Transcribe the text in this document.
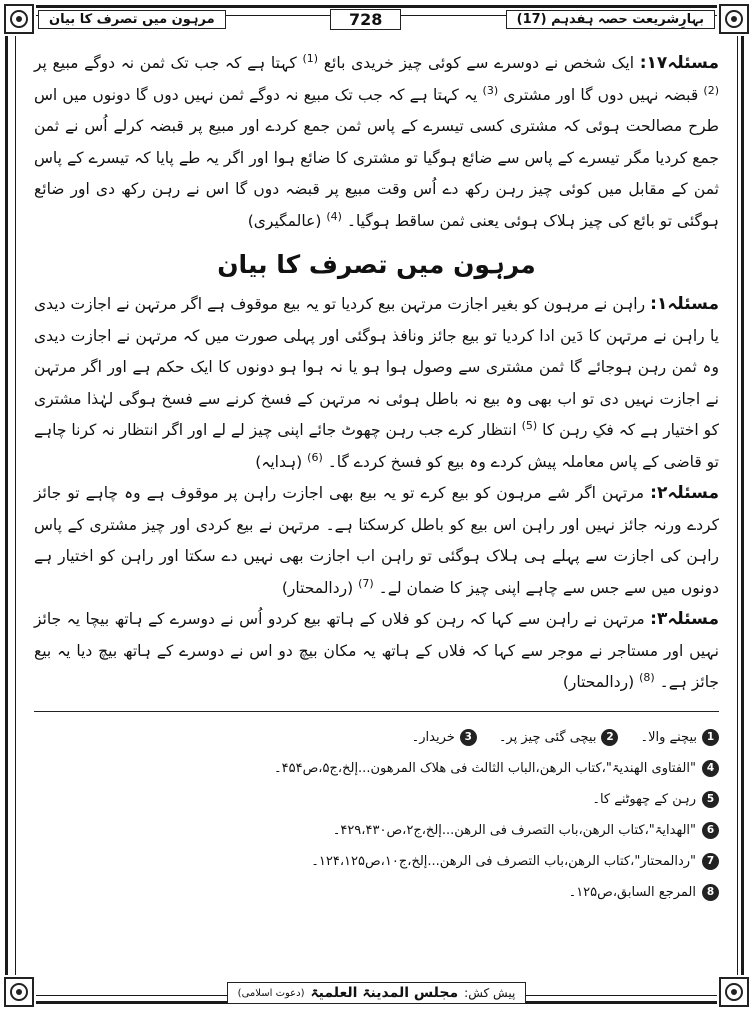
بہارِشریعت حصہ ہفدہم (17)
728
مرہون میں تصرف کا بیان

مسئلہ۱۷: ایک شخص نے دوسرے سے کوئی چیز خریدی بائع $^{(1)}$ کہتا ہے کہ جب تک ثمن نہ دوگے مبیع پر $^{(2)}$ قبضہ نہیں دوں گا اور مشتری $^{(3)}$ یہ کہتا ہے کہ جب تک مبیع نہ دوگے ثمن نہیں دوں گا دونوں میں اس طرح مصالحت ہوئی کہ مشتری کسی تیسرے کے پاس ثمن جمع کردے اور مبیع پر قبضہ کرلے اُس نے ثمن جمع کردیا مگر تیسرے کے پاس سے ضائع ہوگیا تو مشتری کا ضائع ہوا اور اگر یہ طے پایا کہ تیسرے کے پاس ثمن کے مقابل میں کوئی چیز رہن رکھ دے اُس وقت مبیع پر قبضہ دوں گا اس نے رہن رکھ دی اور ضائع ہوگئی تو بائع کی چیز ہلاک ہوئی یعنی ثمن ساقط ہوگیا۔ $^{(4)}$ (عالمگیری)

مرہون میں تصرف کا بیان

مسئلہ۱: راہن نے مرہون کو بغیر اجازت مرتہن بیع کردیا تو یہ بیع موقوف ہے اگر مرتہن نے اجازت دیدی یا راہن نے مرتہن کا دَین ادا کردیا تو بیع جائز ونافذ ہوگئی اور پہلی صورت میں کہ مرتہن نے اجازت دیدی وہ ثمن رہن ہوجائے گا ثمن مشتری سے وصول ہوا ہو یا نہ ہوا ہو دونوں کا ایک حکم ہے اور اگر مرتہن نے اجازت نہیں دی تو اب بھی وہ بیع نہ باطل ہوئی نہ مرتہن کے فسخ کرنے سے فسخ ہوگی لہٰذا مشتری کو اختیار ہے کہ فکِ رہن کا $^{(5)}$ انتظار کرے جب رہن چھوٹ جائے اپنی چیز لے لے اور اگر انتظار نہ کرنا چاہے تو قاضی کے پاس معاملہ پیش کردے وہ بیع کو فسخ کردے گا۔ $^{(6)}$ (ہدایہ)

مسئلہ۲: مرتہن اگر شے مرہون کو بیع کرے تو یہ بیع بھی اجازت راہن پر موقوف ہے وہ چاہے تو جائز کردے ورنہ جائز نہیں اور راہن اس بیع کو باطل کرسکتا ہے۔ مرتہن نے بیع کردی اور چیز مشتری کے پاس راہن کی اجازت سے پہلے ہی ہلاک ہوگئی تو راہن اب اجازت بھی نہیں دے سکتا اور راہن کو اختیار ہے دونوں میں سے جس سے چاہے اپنی چیز کا ضمان لے۔ $^{(7)}$ (ردالمحتار)

مسئلہ۳: مرتہن نے راہن سے کہا کہ رہن کو فلاں کے ہاتھ بیع کردو اُس نے دوسرے کے ہاتھ بیچا یہ جائز نہیں اور مستاجر نے موجر سے کہا کہ فلاں کے ہاتھ یہ مکان بیچ دو اس نے دوسرے کے ہاتھ بیچ دیا یہ بیع جائز ہے۔ $^{(8)}$ (ردالمحتار)

1
بیچنے والا۔
2
بیچی گئی چیز پر۔
3
خریدار۔
4
"الفتاوی الھندیۃ"،کتاب الرھن،الباب الثالث فی ھلاک المرھون...إلخ،ج۵،ص۴۵۴۔
5
رہن کے چھوٹنے کا۔
6
"الھدایۃ"،کتاب الرھن،باب التصرف فی الرھن...إلخ،ج۲،ص۴۲۹،۴۳۰۔
7
"ردالمحتار"،کتاب الرھن،باب التصرف فی الرھن...إلخ،ج۱۰،ص۱۲۴،۱۲۵۔
8
المرجع السابق،ص۱۲۵۔
پیش کش:
مجلس المدینۃ العلمیۃ
(دعوت اسلامی)
